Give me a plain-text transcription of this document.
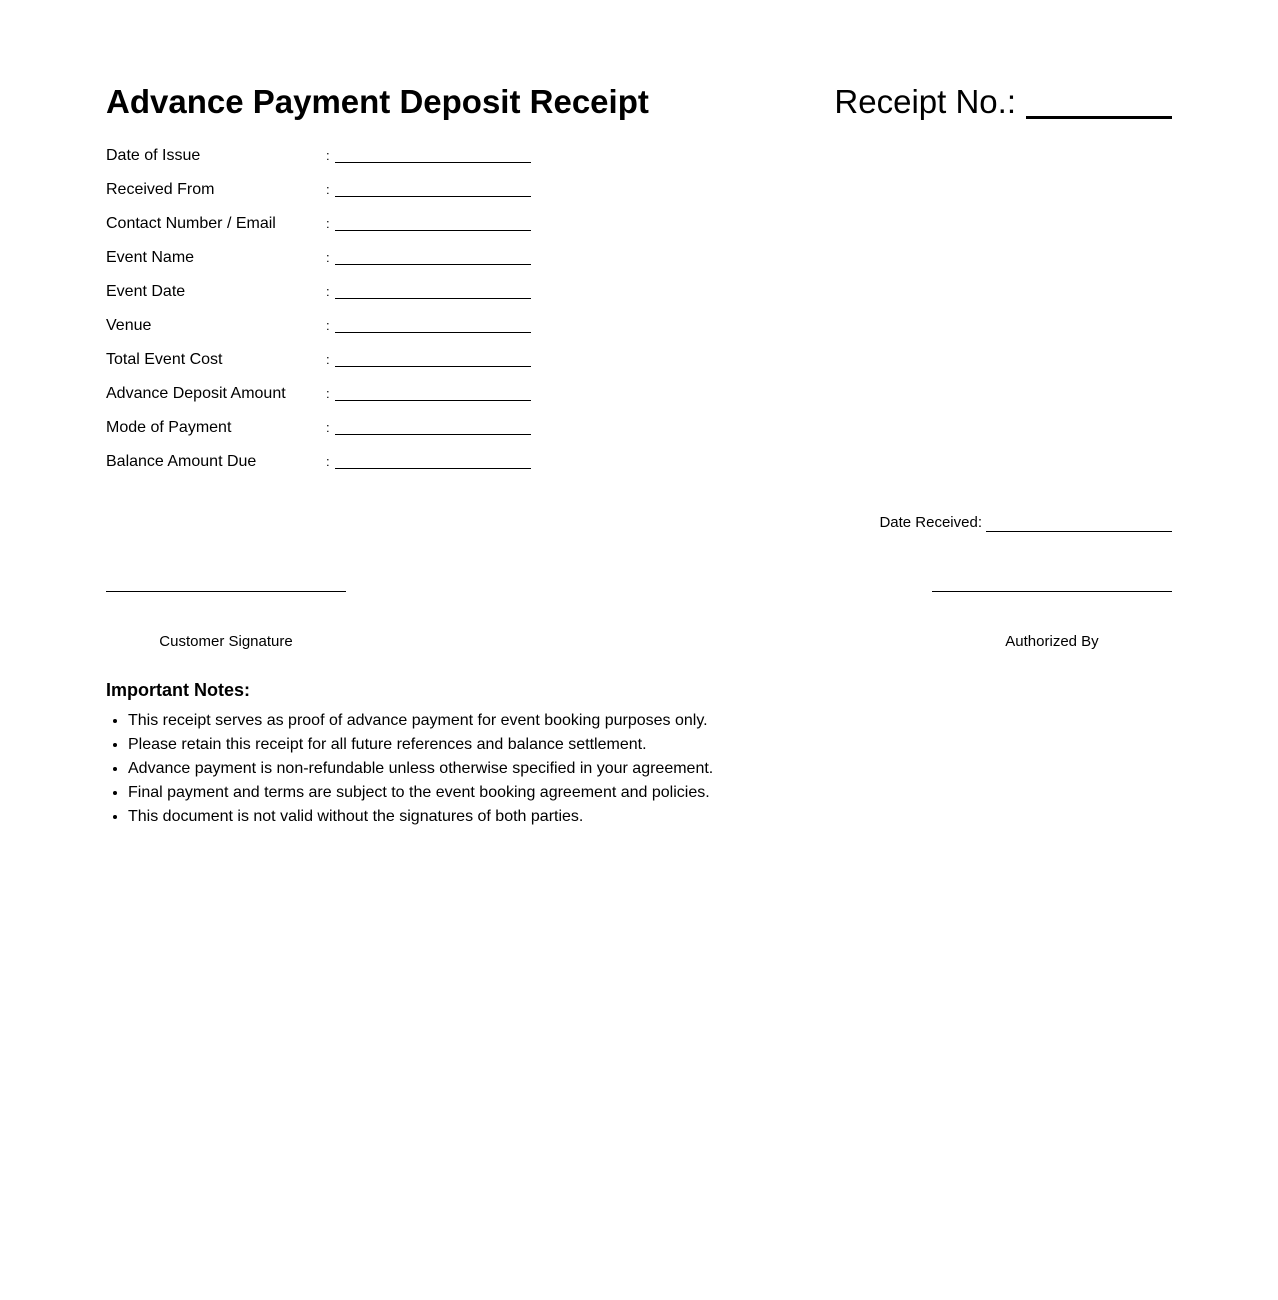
Advance Payment Deposit Receipt	Receipt No.:
Date of Issue	:
Received From	:
Contact Number / Email	:
Event Name	:
Event Date	:
Venue	:
Total Event Cost	:
Advance Deposit Amount	:
Mode of Payment	:
Balance Amount Due	:
Date Received:
Customer Signature	Authorized By
Important Notes:
• This receipt serves as proof of advance payment for event booking purposes only.
• Please retain this receipt for all future references and balance settlement.
• Advance payment is non-refundable unless otherwise specified in your agreement.
• Final payment and terms are subject to the event booking agreement and policies.
• This document is not valid without the signatures of both parties.
